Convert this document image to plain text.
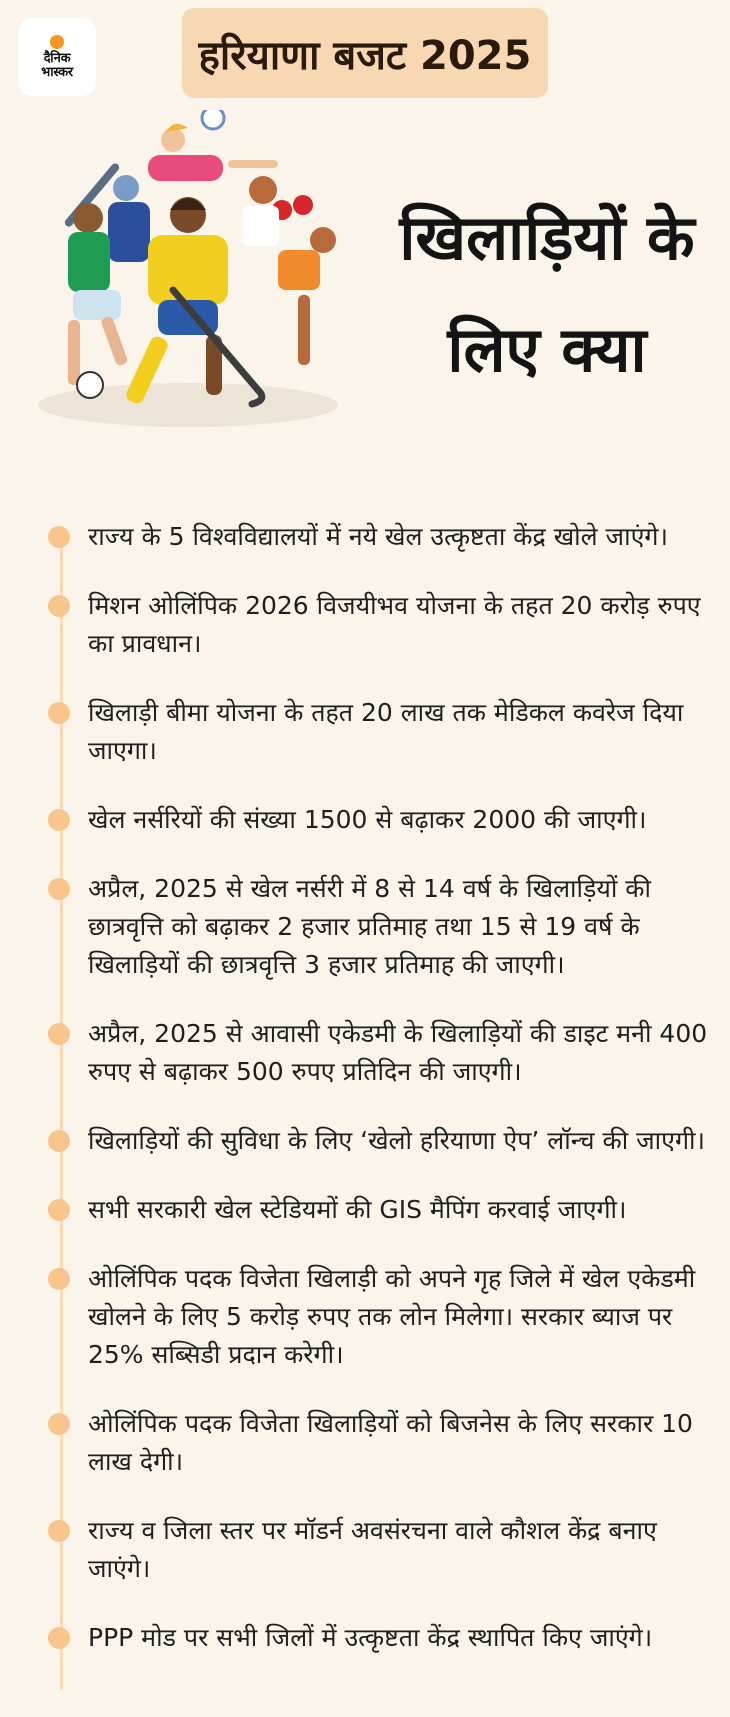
दैनिक
भास्कर	हरियाणा बजट 2025
खिलाड़ियों के
लिए क्या
राज्य के 5 विश्वविद्यालयों में नये खेल उत्कृष्टता केंद्र खोले जाएंगे।
मिशन ओलिंपिक 2026 विजयीभव योजना के तहत 20 करोड़ रुपए का प्रावधान।
खिलाड़ी बीमा योजना के तहत 20 लाख तक मेडिकल कवरेज दिया जाएगा।
खेल नर्सरियों की संख्या 1500 से बढ़ाकर 2000 की जाएगी।
अप्रैल, 2025 से खेल नर्सरी में 8 से 14 वर्ष के खिलाड़ियों की छात्रवृत्ति को बढ़ाकर 2 हजार प्रतिमाह तथा 15 से 19 वर्ष के खिलाड़ियों की छात्रवृत्ति 3 हजार प्रतिमाह की जाएगी।
अप्रैल, 2025 से आवासी एकेडमी के खिलाड़ियों की डाइट मनी 400 रुपए से बढ़ाकर 500 रुपए प्रतिदिन की जाएगी।
खिलाड़ियों की सुविधा के लिए ‘खेलो हरियाणा ऐप’ लॉन्च की जाएगी।
सभी सरकारी खेल स्टेडियमों की GIS मैपिंग करवाई जाएगी।
ओलिंपिक पदक विजेता खिलाड़ी को अपने गृह जिले में खेल एकेडमी खोलने के लिए 5 करोड़ रुपए तक लोन मिलेगा। सरकार ब्याज पर 25% सब्सिडी प्रदान करेगी।
ओलिंपिक पदक विजेता खिलाड़ियों को बिजनेस के लिए सरकार 10 लाख देगी।
राज्य व जिला स्तर पर मॉडर्न अवसंरचना वाले कौशल केंद्र बनाए जाएंगे।
PPP मोड पर सभी जिलों में उत्कृष्टता केंद्र स्थापित किए जाएंगे।
